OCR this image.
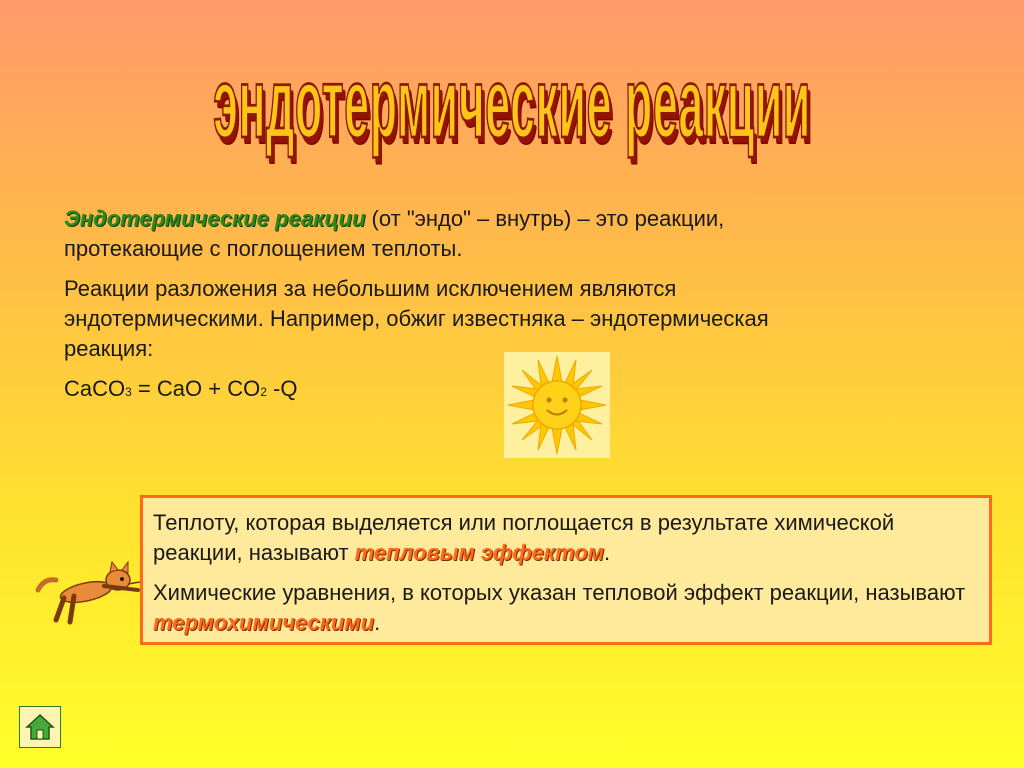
эндотермические реакции

Эндотермические реакции (от "эндо" – внутрь) – это реакции, протекающие с поглощением теплоты.

Реакции разложения за небольшим исключением являются эндотермическими. Например, обжиг известняка – эндотермическая реакция:

CaCO3 = CaO + CO2 -Q

Теплоту, которая выделяется или поглощается в результате химической реакции, называют тепловым эффектом.

Химические уравнения, в которых указан тепловой эффект реакции, называют термохимическими.
